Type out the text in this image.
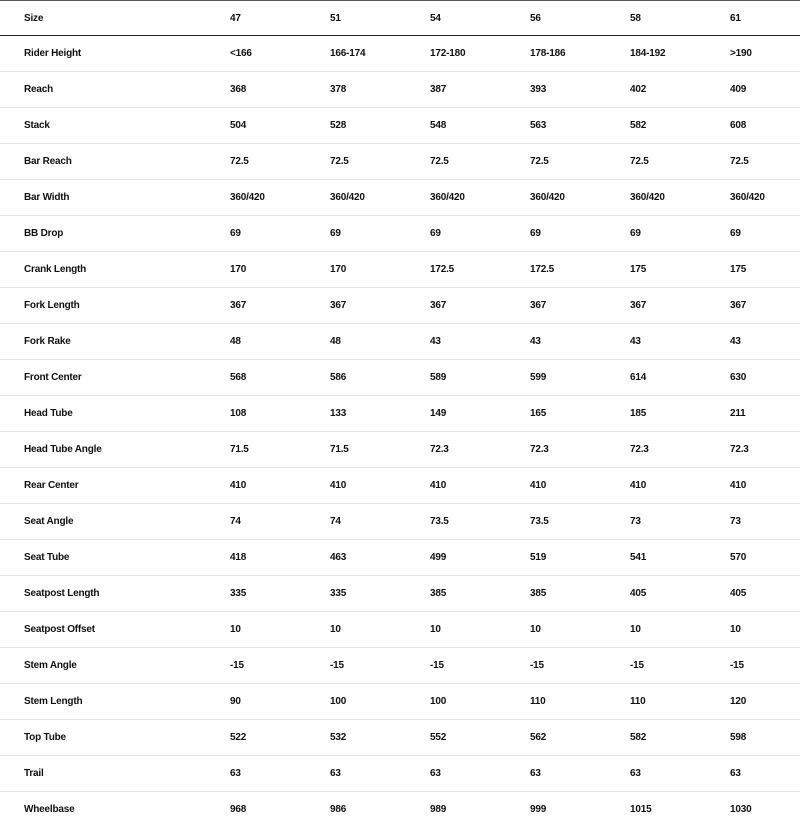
Size	47	51	54	56	58	61
Rider Height	<166	166-174	172-180	178-186	184-192	>190
Reach	368	378	387	393	402	409
Stack	504	528	548	563	582	608
Bar Reach	72.5	72.5	72.5	72.5	72.5	72.5
Bar Width	360/420	360/420	360/420	360/420	360/420	360/420
BB Drop	69	69	69	69	69	69
Crank Length	170	170	172.5	172.5	175	175
Fork Length	367	367	367	367	367	367
Fork Rake	48	48	43	43	43	43
Front Center	568	586	589	599	614	630
Head Tube	108	133	149	165	185	211
Head Tube Angle	71.5	71.5	72.3	72.3	72.3	72.3
Rear Center	410	410	410	410	410	410
Seat Angle	74	74	73.5	73.5	73	73
Seat Tube	418	463	499	519	541	570
Seatpost Length	335	335	385	385	405	405
Seatpost Offset	10	10	10	10	10	10
Stem Angle	-15	-15	-15	-15	-15	-15
Stem Length	90	100	100	110	110	120
Top Tube	522	532	552	562	582	598
Trail	63	63	63	63	63	63
Wheelbase	968	986	989	999	1015	1030
